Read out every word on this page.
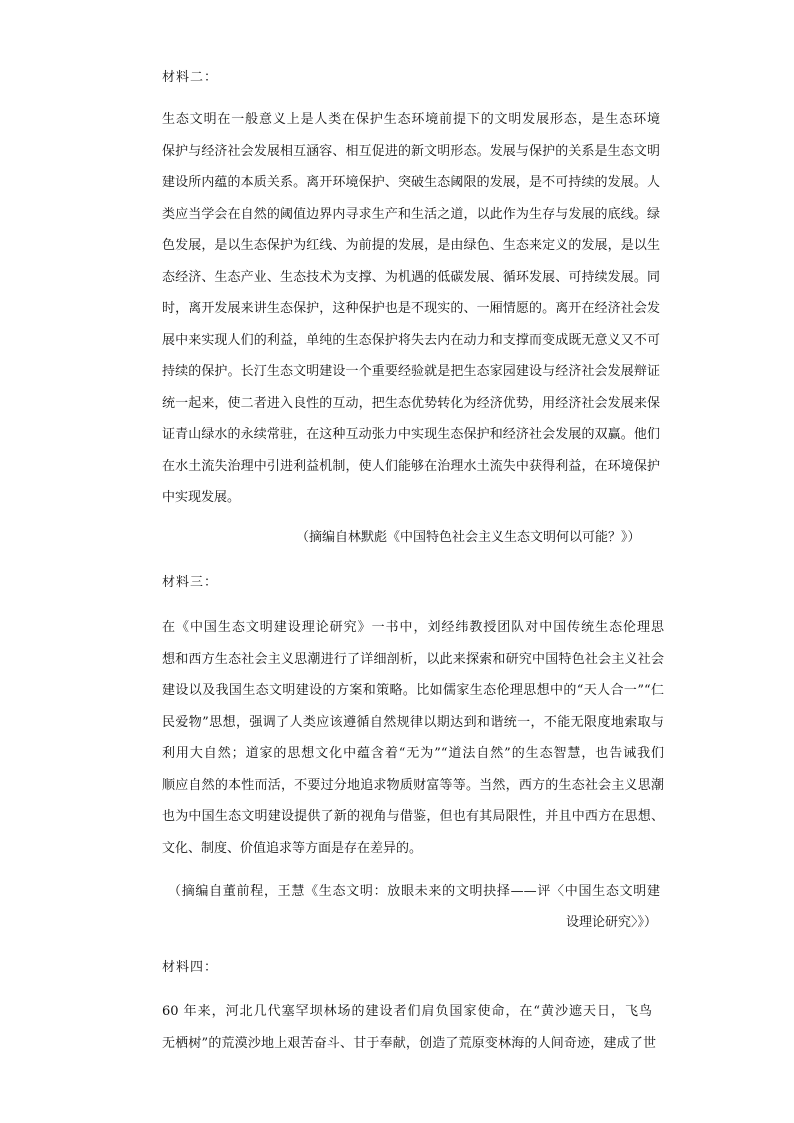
材料二：
生态文明在一般意义上是人类在保护生态环境前提下的文明发展形态，是生态环境
保护与经济社会发展相互涵容、相互促进的新文明形态。发展与保护的关系是生态文明
建设所内蕴的本质关系。离开环境保护、突破生态阈限的发展，是不可持续的发展。人
类应当学会在自然的阈值边界内寻求生产和生活之道，以此作为生存与发展的底线。绿
色发展，是以生态保护为红线、为前提的发展，是由绿色、生态来定义的发展，是以生
态经济、生态产业、生态技术为支撑、为机遇的低碳发展、循环发展、可持续发展。同
时，离开发展来讲生态保护，这种保护也是不现实的、一厢情愿的。离开在经济社会发
展中来实现人们的利益，单纯的生态保护将失去内在动力和支撑而变成既无意义又不可
持续的保护。长汀生态文明建设一个重要经验就是把生态家园建设与经济社会发展辩证
统一起来，使二者进入良性的互动，把生态优势转化为经济优势，用经济社会发展来保
证青山绿水的永续常驻，在这种互动张力中实现生态保护和经济社会发展的双赢。他们
在水土流失治理中引进利益机制，使人们能够在治理水土流失中获得利益，在环境保护
中实现发展。
（摘编自林默彪《中国特色社会主义生态文明何以可能？》）
材料三：
在《中国生态文明建设理论研究》一书中，刘经纬教授团队对中国传统生态伦理思
想和西方生态社会主义思潮进行了详细剖析，以此来探索和研究中国特色社会主义社会
建设以及我国生态文明建设的方案和策略。比如儒家生态伦理思想中的“天人合一”“仁
民爱物”思想，强调了人类应该遵循自然规律以期达到和谐统一，不能无限度地索取与
利用大自然；道家的思想文化中蕴含着“无为”“道法自然”的生态智慧，也告诫我们
顺应自然的本性而活，不要过分地追求物质财富等等。当然，西方的生态社会主义思潮
也为中国生态文明建设提供了新的视角与借鉴，但也有其局限性，并且中西方在思想、
文化、制度、价值追求等方面是存在差异的。
（摘编自董前程，王慧《生态文明：放眼未来的文明抉择——评〈中国生态文明建
设理论研究〉》）
材料四：
60 年来，河北几代塞罕坝林场的建设者们肩负国家使命，在“黄沙遮天日，飞鸟
无栖树”的荒漠沙地上艰苦奋斗、甘于奉献，创造了荒原变林海的人间奇迹，建成了世
